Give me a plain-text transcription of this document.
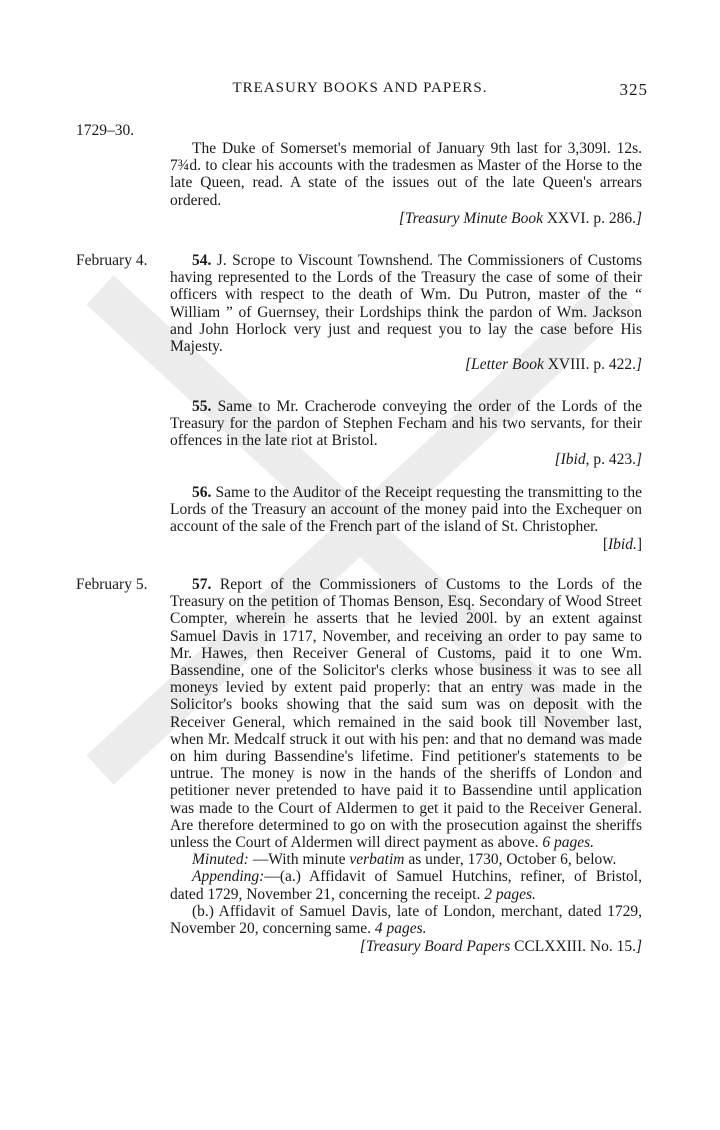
TREASURY BOOKS AND PAPERS.	325
1729–30.

The Duke of Somerset's memorial of January 9th last for 3,309l. 12s. 7¾d. to clear his accounts with the tradesmen as Master of the Horse to the late Queen, read. A state of the issues out of the late Queen's arrears ordered.

[Treasury Minute Book XXVI. p. 286.]
February 4.	54. J. Scrope to Viscount Townshend. The Commissioners of Customs having represented to the Lords of the Treasury the case of some of their officers with respect to the death of Wm. Du Putron, master of the “ William ” of Guernsey, their Lordships think the pardon of Wm. Jackson and John Horlock very just and request you to lay the case before His Majesty.

[Letter Book XVIII. p. 422.]

55. Same to Mr. Cracherode conveying the order of the Lords of the Treasury for the pardon of Stephen Fecham and his two servants, for their offences in the late riot at Bristol.

[Ibid, p. 423.]

56. Same to the Auditor of the Receipt requesting the transmitting to the Lords of the Treasury an account of the money paid into the Exchequer on account of the sale of the French part of the island of St. Christopher.
[Ibid.]

February 5.	57. Report of the Commissioners of Customs to the Lords of the Treasury on the petition of Thomas Benson, Esq. Secondary of Wood Street Compter, wherein he asserts that he levied 200l. by an extent against Samuel Davis in 1717, November, and receiving an order to pay same to Mr. Hawes, then Receiver General of Customs, paid it to one Wm. Bassendine, one of the Solicitor's clerks whose business it was to see all moneys levied by extent paid properly: that an entry was made in the Solicitor's books showing that the said sum was on deposit with the Receiver General, which remained in the said book till November last, when Mr. Medcalf struck it out with his pen: and that no demand was made on him during Bassendine's lifetime. Find petitioner's statements to be untrue. The money is now in the hands of the sheriffs of London and petitioner never pretended to have paid it to Bassendine until application was made to the Court of Aldermen to get it paid to the Receiver General. Are therefore determined to go on with the prosecution against the sheriffs unless the Court of Aldermen will direct payment as above. 6 pages.

Minuted: —With minute verbatim as under, 1730, October 6, below.

Appending:—(a.) Affidavit of Samuel Hutchins, refiner, of Bristol, dated 1729, November 21, concerning the receipt. 2 pages.

(b.) Affidavit of Samuel Davis, late of London, merchant, dated 1729, November 20, concerning same. 4 pages.

[Treasury Board Papers CCLXXIII. No. 15.]
